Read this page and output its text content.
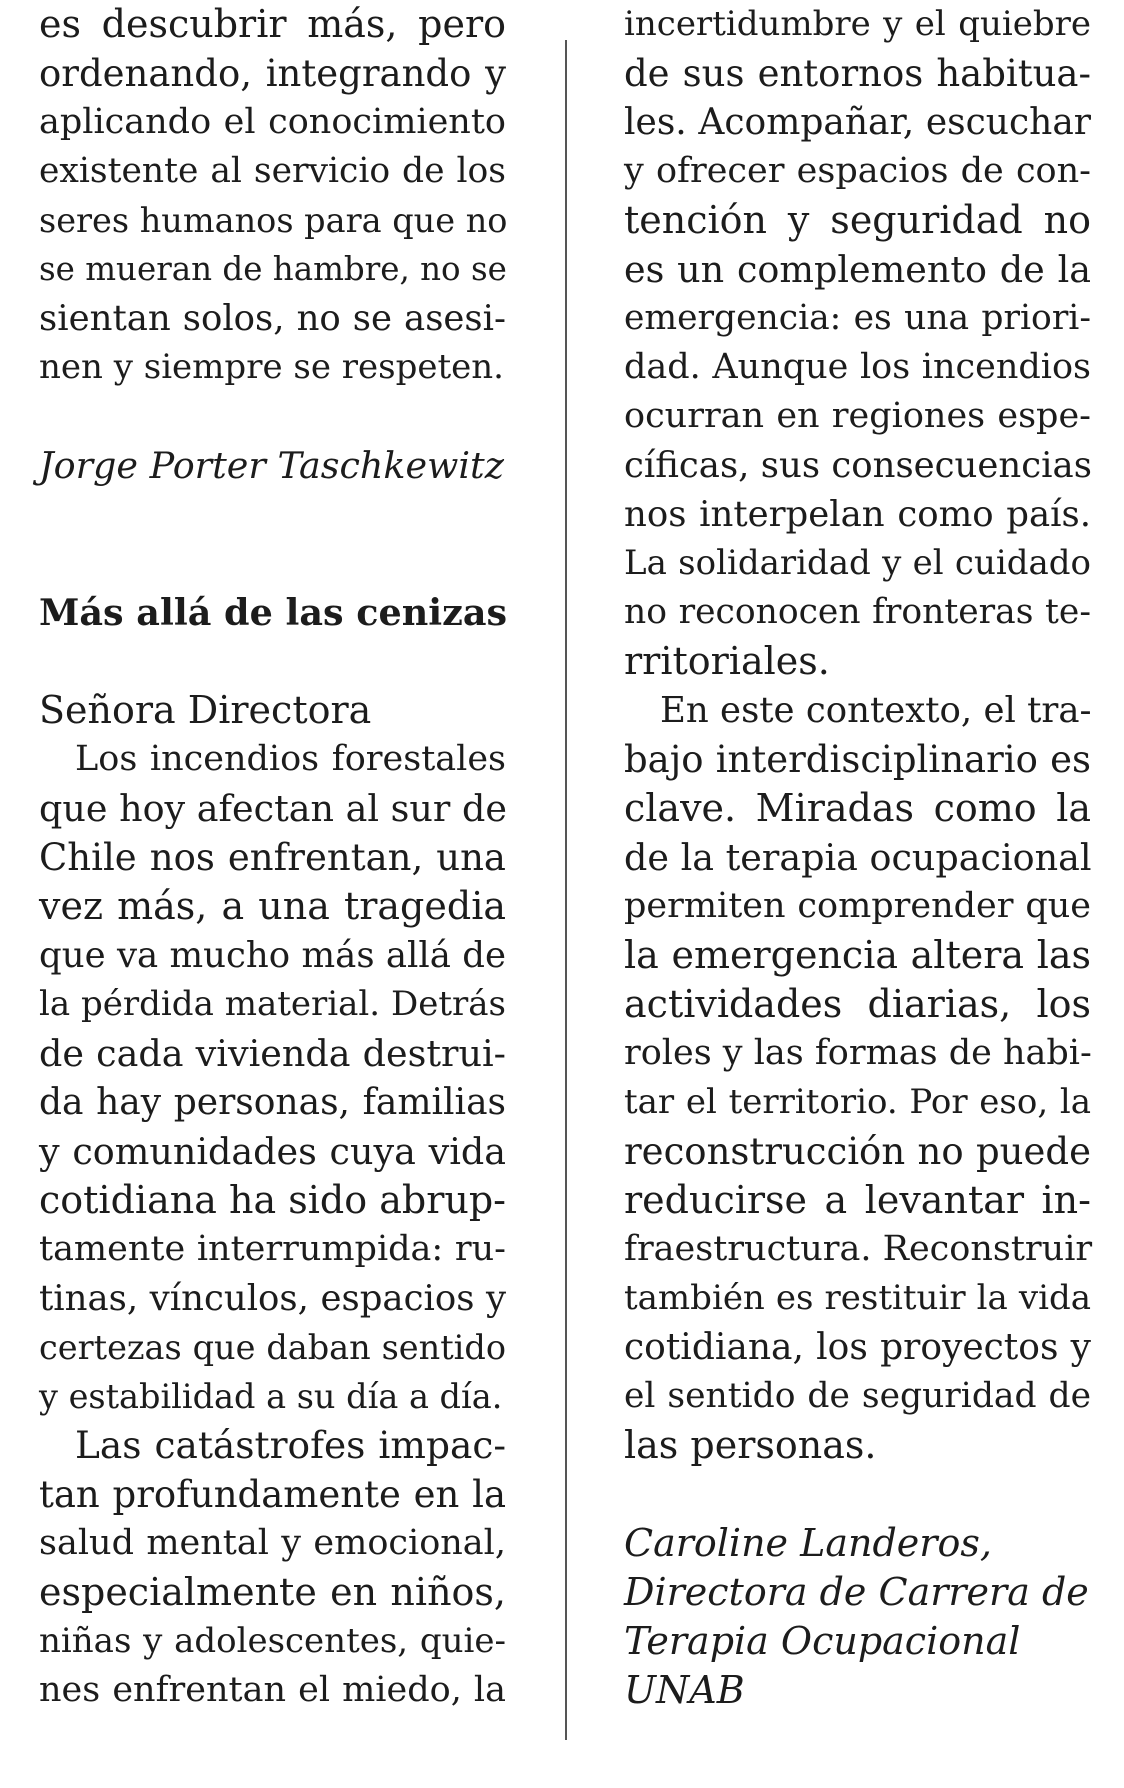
es descubrir más, pero
ordenando, integrando y
aplicando el conocimiento
existente al servicio de los
seres humanos para que no
se mueran de hambre, no se
sientan solos, no se asesi-
nen y siempre se respeten.
Jorge Porter Taschkewitz
Más allá de las cenizas
Señora Directora
Los incendios forestales
que hoy afectan al sur de
Chile nos enfrentan, una
vez más, a una tragedia
que va mucho más allá de
la pérdida material. Detrás
de cada vivienda destrui-
da hay personas, familias
y comunidades cuya vida
cotidiana ha sido abrup-
tamente interrumpida: ru-
tinas, vínculos, espacios y
certezas que daban sentido
y estabilidad a su día a día.
Las catástrofes impac-
tan profundamente en la
salud mental y emocional,
especialmente en niños,
niñas y adolescentes, quie-
nes enfrentan el miedo, la
incertidumbre y el quiebre
de sus entornos habitua-
les. Acompañar, escuchar
y ofrecer espacios de con-
tención y seguridad no
es un complemento de la
emergencia: es una priori-
dad. Aunque los incendios
ocurran en regiones espe-
cíficas, sus consecuencias
nos interpelan como país.
La solidaridad y el cuidado
no reconocen fronteras te-
rritoriales.
En este contexto, el tra-
bajo interdisciplinario es
clave. Miradas como la
de la terapia ocupacional
permiten comprender que
la emergencia altera las
actividades diarias, los
roles y las formas de habi-
tar el territorio. Por eso, la
reconstrucción no puede
reducirse a levantar in-
fraestructura. Reconstruir
también es restituir la vida
cotidiana, los proyectos y
el sentido de seguridad de
las personas.
Caroline Landeros,
Directora de Carrera de
Terapia Ocupacional
UNAB
